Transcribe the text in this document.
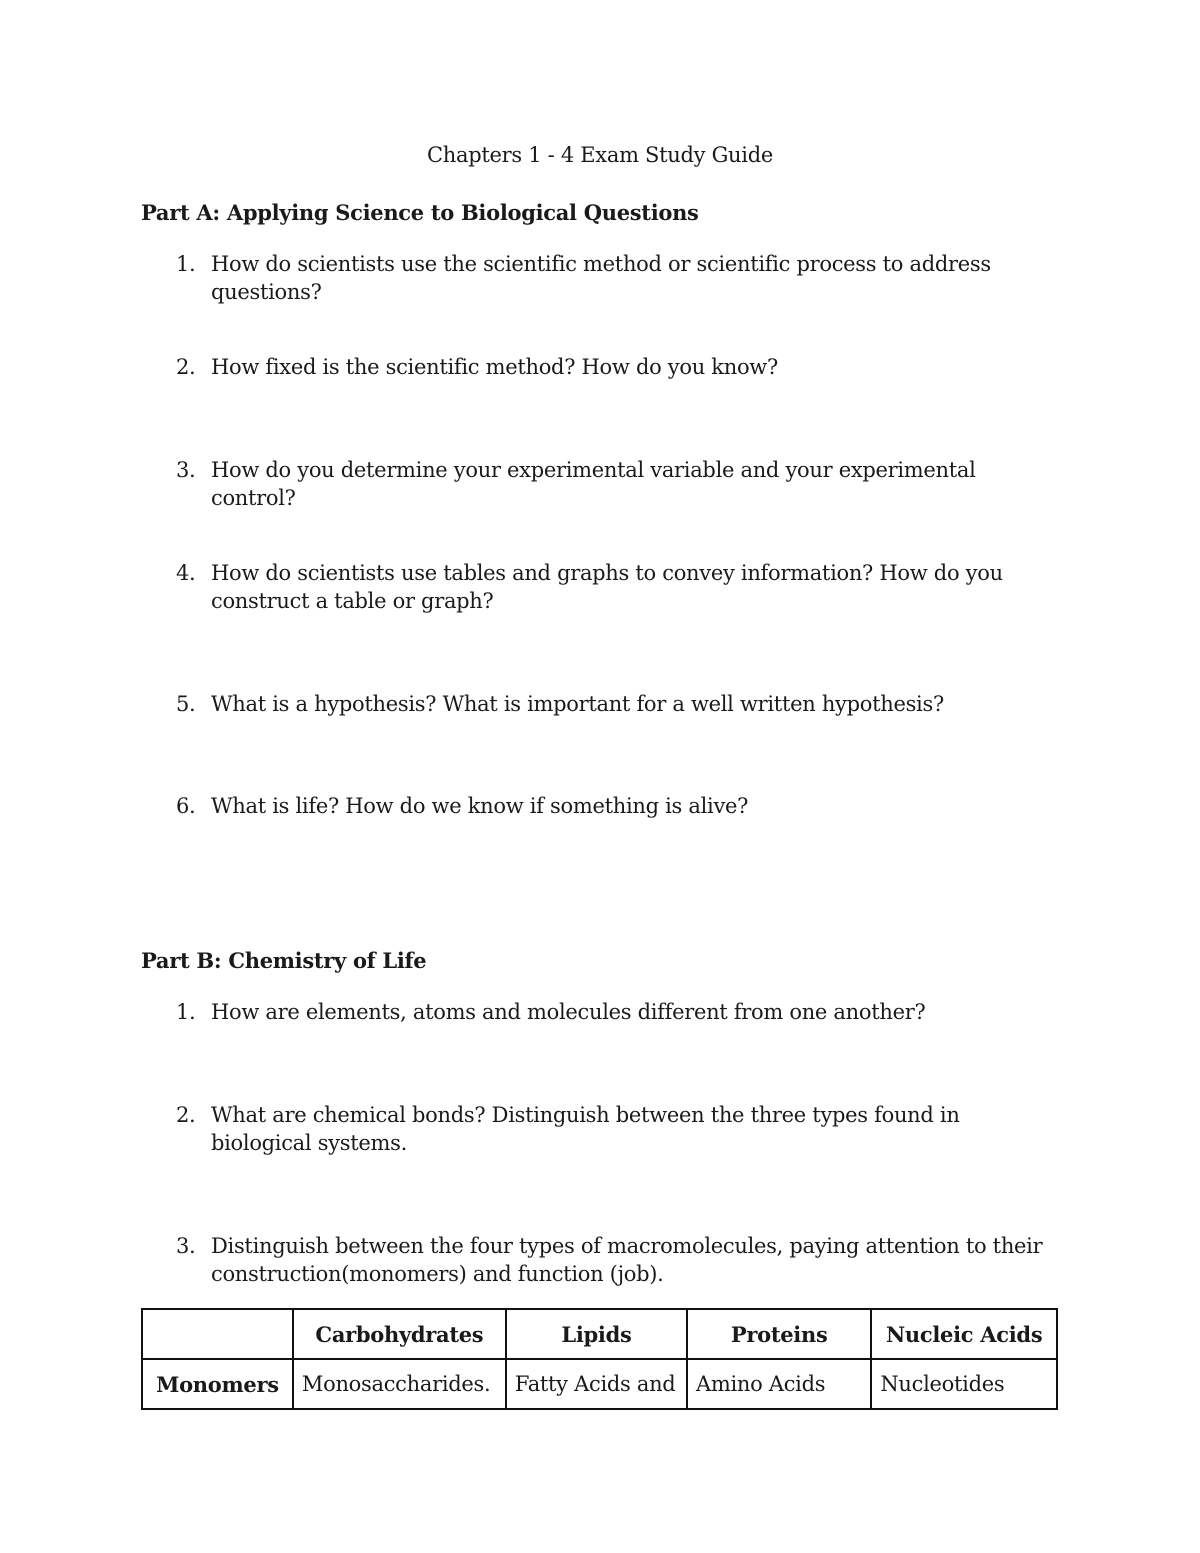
Chapters 1 - 4 Exam Study Guide
Part A: Applying Science to Biological Questions
1. How do scientists use the scientific method or scientific process to address questions?
2. How fixed is the scientific method? How do you know?
3. How do you determine your experimental variable and your experimental control?
4. How do scientists use tables and graphs to convey information? How do you construct a table or graph?
5. What is a hypothesis? What is important for a well written hypothesis?
6. What is life? How do we know if something is alive?
Part B: Chemistry of Life
1. How are elements, atoms and molecules different from one another?
2. What are chemical bonds? Distinguish between the three types found in biological systems.
3. Distinguish between the four types of macromolecules, paying attention to their construction(monomers) and function (job).
	Carbohydrates	Lipids	Proteins	Nucleic Acids
Monomers	Monosaccharides.	Fatty Acids and	Amino Acids	Nucleotides
